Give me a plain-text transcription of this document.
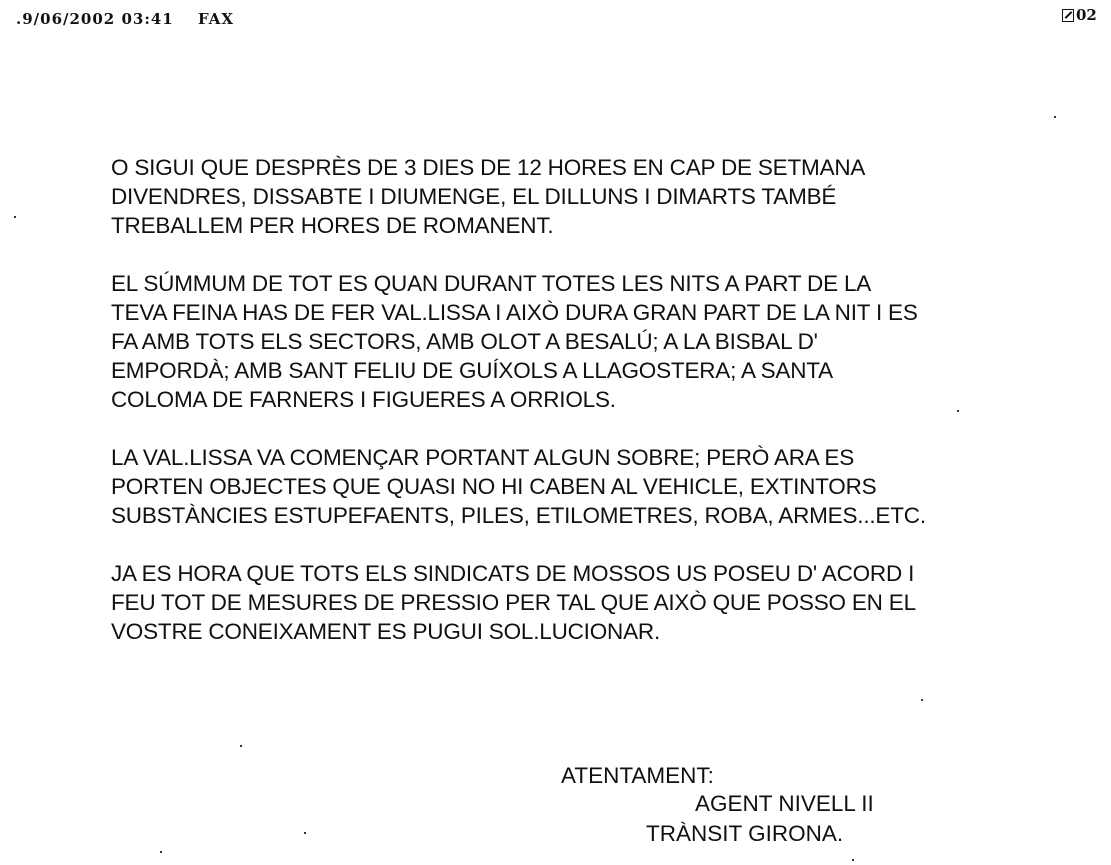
.9/06/2002 03:41 FAX	02

O SIGUI QUE DESPRÈS DE 3 DIES DE 12 HORES EN CAP DE SETMANA
DIVENDRES, DISSABTE I DIUMENGE, EL DILLUNS I DIMARTS TAMBÉ
TREBALLEM PER HORES DE ROMANENT.

EL SÚMMUM DE TOT ES QUAN DURANT TOTES LES NITS A PART DE LA
TEVA FEINA HAS DE FER VAL.LISSA I AIXÒ DURA GRAN PART DE LA NIT I ES
FA AMB TOTS ELS SECTORS, AMB OLOT A BESALÚ; A LA BISBAL D'
EMPORDÀ; AMB SANT FELIU DE GUÍXOLS A LLAGOSTERA; A SANTA
COLOMA DE FARNERS I FIGUERES A ORRIOLS.

LA VAL.LISSA VA COMENÇAR PORTANT ALGUN SOBRE; PERÒ ARA ES
PORTEN OBJECTES QUE QUASI NO HI CABEN AL VEHICLE, EXTINTORS
SUBSTÀNCIES ESTUPEFAENTS, PILES, ETILOMETRES, ROBA, ARMES...ETC.

JA ES HORA QUE TOTS ELS SINDICATS DE MOSSOS US POSEU D' ACORD I
FEU TOT DE MESURES DE PRESSIO PER TAL QUE AIXÒ QUE POSSO EN EL
VOSTRE CONEIXAMENT ES PUGUI SOL.LUCIONAR.

ATENTAMENT:
AGENT NIVELL II
TRÀNSIT GIRONA.
